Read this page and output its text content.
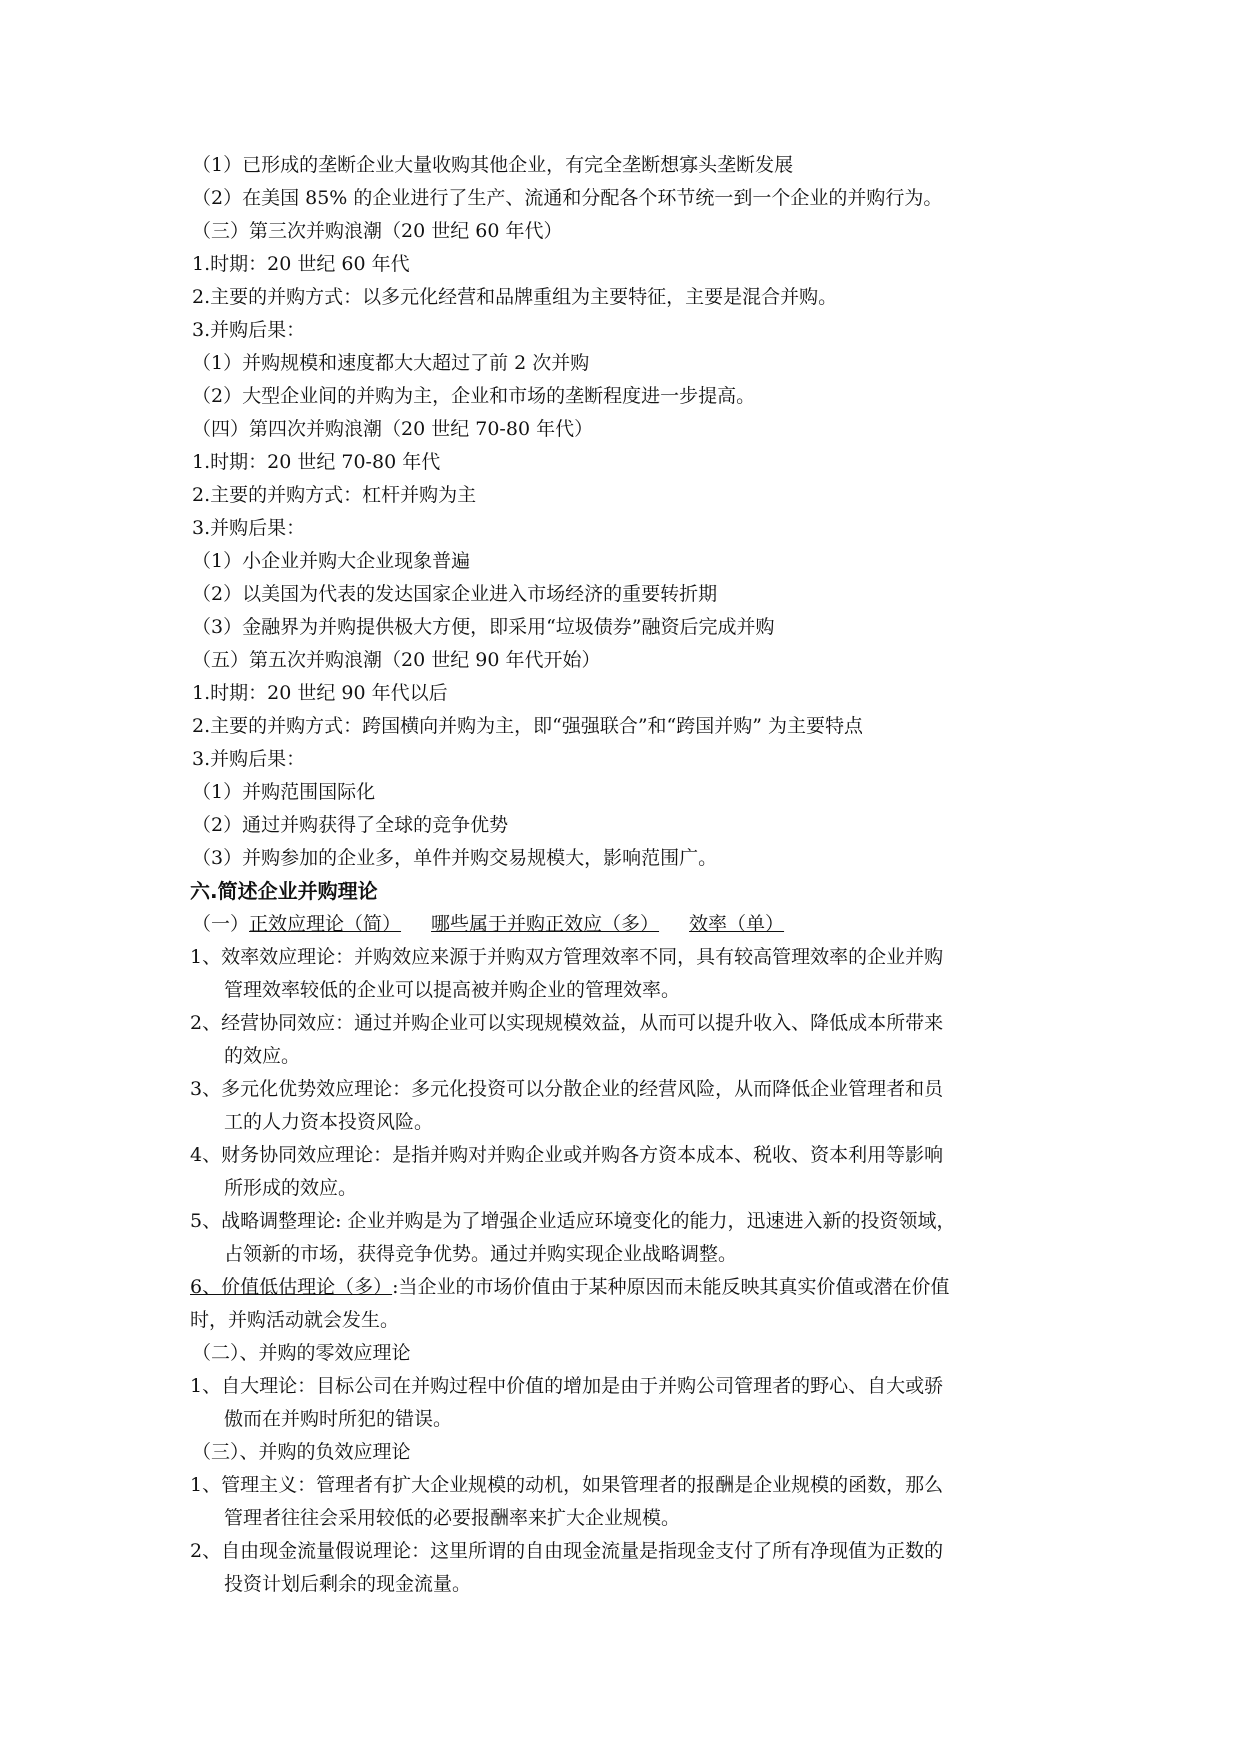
（1）已形成的垄断企业大量收购其他企业，有完全垄断想寡头垄断发展
（2）在美国 85% 的企业进行了生产、流通和分配各个环节统一到一个企业的并购行为。
（三）第三次并购浪潮（20 世纪 60 年代）
1.时期：20 世纪 60 年代
2.主要的并购方式：以多元化经营和品牌重组为主要特征，主要是混合并购。
3.并购后果：
（1）并购规模和速度都大大超过了前 2 次并购
（2）大型企业间的并购为主，企业和市场的垄断程度进一步提高。
（四）第四次并购浪潮（20 世纪 70-80 年代）
1.时期：20 世纪 70-80 年代
2.主要的并购方式：杠杆并购为主
3.并购后果：
（1）小企业并购大企业现象普遍
（2）以美国为代表的发达国家企业进入市场经济的重要转折期
（3）金融界为并购提供极大方便，即采用“垃圾债券”融资后完成并购
（五）第五次并购浪潮（20 世纪 90 年代开始）
1.时期：20 世纪 90 年代以后
2.主要的并购方式：跨国横向并购为主，即“强强联合”和“跨国并购” 为主要特点
3.并购后果：
（1）并购范围国际化
（2）通过并购获得了全球的竞争优势
（3）并购参加的企业多，单件并购交易规模大，影响范围广。
六.简述企业并购理论
（一）正效应理论（简） 哪些属于并购正效应（多） 效率（单）
1、效率效应理论：并购效应来源于并购双方管理效率不同，具有较高管理效率的企业并购
管理效率较低的企业可以提高被并购企业的管理效率。
2、经营协同效应：通过并购企业可以实现规模效益，从而可以提升收入、降低成本所带来
的效应。
3、多元化优势效应理论：多元化投资可以分散企业的经营风险，从而降低企业管理者和员
工的人力资本投资风险。
4、财务协同效应理论：是指并购对并购企业或并购各方资本成本、税收、资本利用等影响
所形成的效应。
5、战略调整理论: 企业并购是为了增强企业适应环境变化的能力，迅速进入新的投资领域，
占领新的市场，获得竞争优势。通过并购实现企业战略调整。
6、价值低估理论（多）:当企业的市场价值由于某种原因而未能反映其真实价值或潜在价值
时，并购活动就会发生。
（二）、并购的零效应理论
1、自大理论：目标公司在并购过程中价值的增加是由于并购公司管理者的野心、自大或骄
傲而在并购时所犯的错误。
（三）、并购的负效应理论
1、管理主义：管理者有扩大企业规模的动机，如果管理者的报酬是企业规模的函数，那么
管理者往往会采用较低的必要报酬率来扩大企业规模。
2、自由现金流量假说理论：这里所谓的自由现金流量是指现金支付了所有净现值为正数的
投资计划后剩余的现金流量。
